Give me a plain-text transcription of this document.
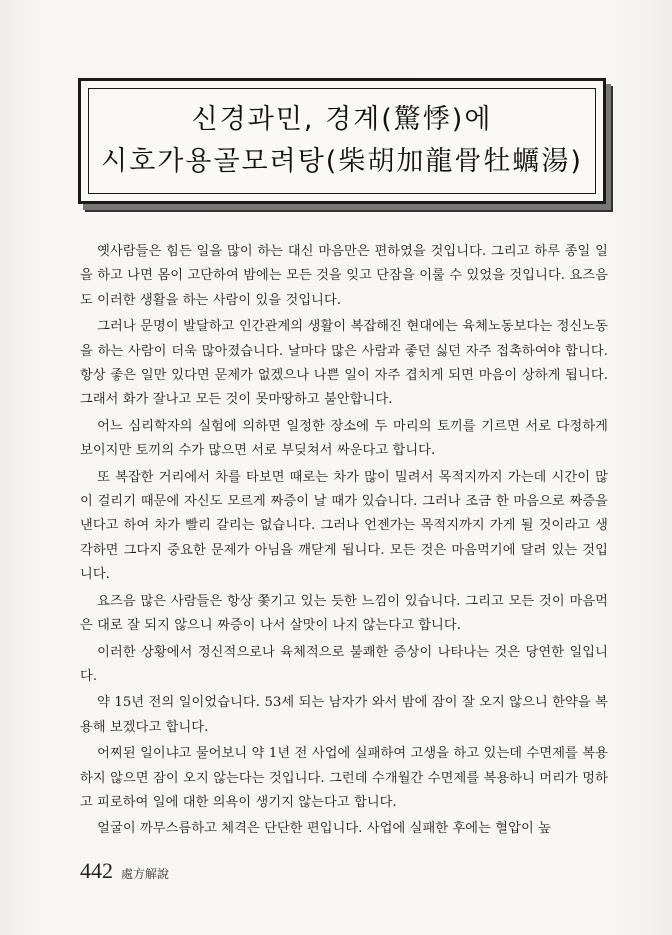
신경과민, 경계(驚悸)에
시호가용골모려탕(柴胡加龍骨牡蠣湯)

옛사람들은 힘든 일을 많이 하는 대신 마음만은 편하였을 것입니다. 그리고 하루 종일 일을 하고 나면 몸이 고단하여 밤에는 모든 것을 잊고 단잠을 이룰 수 있었을 것입니다. 요즈음도 이러한 생활을 하는 사람이 있을 것입니다.

그러나 문명이 발달하고 인간관계의 생활이 복잡해진 현대에는 육체노동보다는 정신노동을 하는 사람이 더욱 많아졌습니다. 날마다 많은 사람과 좋던 싫던 자주 접촉하여야 합니다. 항상 좋은 일만 있다면 문제가 없겠으나 나쁜 일이 자주 겹치게 되면 마음이 상하게 됩니다. 그래서 화가 잘나고 모든 것이 못마땅하고 불안합니다.

어느 심리학자의 실험에 의하면 일정한 장소에 두 마리의 토끼를 기르면 서로 다정하게 보이지만 토끼의 수가 많으면 서로 부딪쳐서 싸운다고 합니다.

또 복잡한 거리에서 차를 타보면 때로는 차가 많이 밀려서 목적지까지 가는데 시간이 많이 걸리기 때문에 자신도 모르게 짜증이 날 때가 있습니다. 그러나 조금 한 마음으로 짜증을 낸다고 하여 차가 빨리 갈리는 없습니다. 그러나 언젠가는 목적지까지 가게 될 것이라고 생각하면 그다지 중요한 문제가 아님을 깨닫게 됩니다. 모든 것은 마음먹기에 달려 있는 것입니다.

요즈음 많은 사람들은 항상 쫓기고 있는 듯한 느낌이 있습니다. 그리고 모든 것이 마음먹은 대로 잘 되지 않으니 짜증이 나서 살맛이 나지 않는다고 합니다.

이러한 상황에서 정신적으로나 육체적으로 불쾌한 증상이 나타나는 것은 당연한 일입니다.

약 15년 전의 일이었습니다. 53세 되는 남자가 와서 밤에 잠이 잘 오지 않으니 한약을 복용해 보겠다고 합니다.

어찌된 일이냐고 물어보니 약 1년 전 사업에 실패하여 고생을 하고 있는데 수면제를 복용하지 않으면 잠이 오지 않는다는 것입니다. 그런데 수개월간 수면제를 복용하니 머리가 멍하고 피로하여 일에 대한 의욕이 생기지 않는다고 합니다.

얼굴이 까무스름하고 체격은 단단한 편입니다. 사업에 실패한 후에는 혈압이 높

442 處方解說
